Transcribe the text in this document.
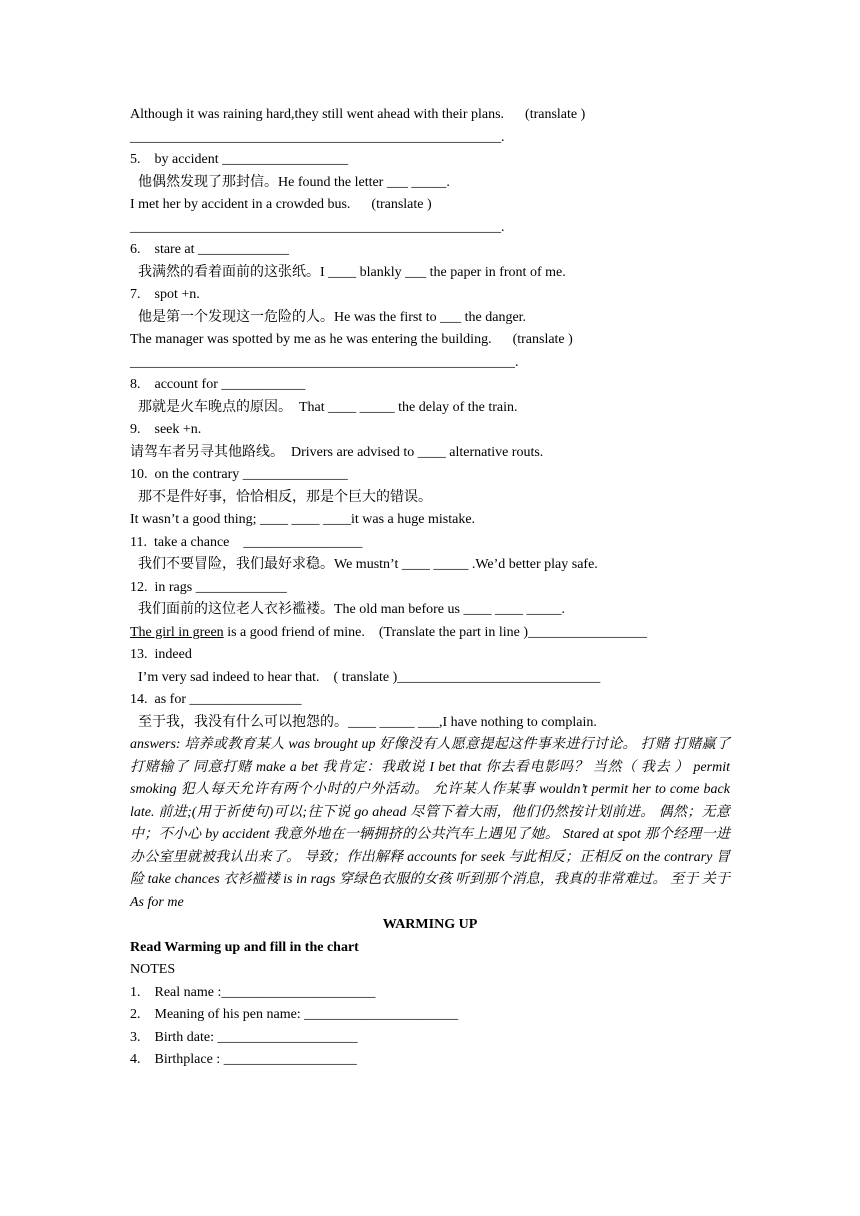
Although it was raining hard,they still went ahead with their plans.      (translate )
_____________________________________________________.
5.    by accident __________________
他偶然发现了那封信。He found the letter ___ _____.
I met her by accident in a crowded bus.      (translate )
_____________________________________________________.
6.    stare at _____________
我满然的看着面前的这张纸。I ____ blankly ___ the paper in front of me.
7.    spot +n.
他是第一个发现这一危险的人。He was the first to ___ the danger.
The manager was spotted by me as he was entering the building.      (translate )
_______________________________________________________.
8.    account for ____________
那就是火车晚点的原因。  That ____ _____ the delay of the train.
9.    seek +n.
请驾车者另寻其他路线。  Drivers are advised to ____ alternative routs.
10.  on the contrary _______________
那不是件好事，恰恰相反，那是个巨大的错误。
It wasn’t a good thing; ____ ____ ____it was a huge mistake.
11.  take a chance    _________________
我们不要冒险，我们最好求稳。We mustn’t ____ _____ .We’d better play safe.
12.  in rags _____________
我们面前的这位老人衣衫褴褛。The old man before us ____ ____ _____.
The girl in green is a good friend of mine.    (Translate the part in line )_________________
13.  indeed
I’m very sad indeed to hear that.    ( translate )_____________________________
14.  as for ________________
至于我，我没有什么可以抱怨的。____ _____ ___,I have nothing to complain.
answers: 培养或教育某人 was brought up 好像没有人愿意提起这件事来进行讨论。 打赌 打赌赢了 打赌输了 同意打赌 make a bet 我肯定：我敢说 I bet that 你去看电影吗？ 当然（ 我去 ） permit smoking 犯人每天允许有两个小时的户外活动。 允许某人作某事 wouldn’t permit her to come back late. 前进;(用于祈使句)可以;往下说 go ahead 尽管下着大雨，他们仍然按计划前进。 偶然；无意中；不小心 by accident 我意外地在一辆拥挤的公共汽车上遇见了她。 Stared at spot 那个经理一进办公室里就被我认出来了。 导致；作出解释 accounts for seek 与此相反；正相反 on the contrary 冒险 take chances 衣衫褴褛 is in rags 穿绿色衣服的女孩 听到那个消息，我真的非常难过。 至于 关于 As for me
WARMING UP
Read Warming up and fill in the chart
NOTES
1.    Real name :______________________
2.    Meaning of his pen name: ______________________
3.    Birth date: ____________________
4.    Birthplace : ___________________
